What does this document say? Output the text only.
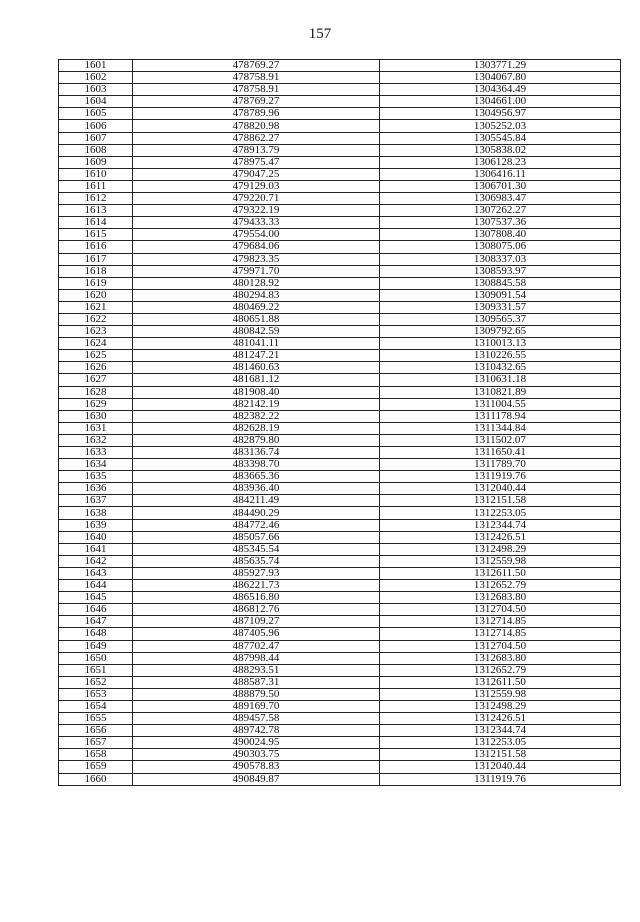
157
1601	478769.27	1303771.29
1602	478758.91	1304067.80
1603	478758.91	1304364.49
1604	478769.27	1304661.00
1605	478789.96	1304956.97
1606	478820.98	1305252.03
1607	478862.27	1305545.84
1608	478913.79	1305838.02
1609	478975.47	1306128.23
1610	479047.25	1306416.11
1611	479129.03	1306701.30
1612	479220.71	1306983.47
1613	479322.19	1307262.27
1614	479433.33	1307537.36
1615	479554.00	1307808.40
1616	479684.06	1308075.06
1617	479823.35	1308337.03
1618	479971.70	1308593.97
1619	480128.92	1308845.58
1620	480294.83	1309091.54
1621	480469.22	1309331.57
1622	480651.88	1309565.37
1623	480842.59	1309792.65
1624	481041.11	1310013.13
1625	481247.21	1310226.55
1626	481460.63	1310432.65
1627	481681.12	1310631.18
1628	481908.40	1310821.89
1629	482142.19	1311004.55
1630	482382.22	1311178.94
1631	482628.19	1311344.84
1632	482879.80	1311502.07
1633	483136.74	1311650.41
1634	483398.70	1311789.70
1635	483665.36	1311919.76
1636	483936.40	1312040.44
1637	484211.49	1312151.58
1638	484490.29	1312253.05
1639	484772.46	1312344.74
1640	485057.66	1312426.51
1641	485345.54	1312498.29
1642	485635.74	1312559.98
1643	485927.93	1312611.50
1644	486221.73	1312652.79
1645	486516.80	1312683.80
1646	486812.76	1312704.50
1647	487109.27	1312714.85
1648	487405.96	1312714.85
1649	487702.47	1312704.50
1650	487998.44	1312683.80
1651	488293.51	1312652.79
1652	488587.31	1312611.50
1653	488879.50	1312559.98
1654	489169.70	1312498.29
1655	489457.58	1312426.51
1656	489742.78	1312344.74
1657	490024.95	1312253.05
1658	490303.75	1312151.58
1659	490578.83	1312040.44
1660	490849.87	1311919.76
